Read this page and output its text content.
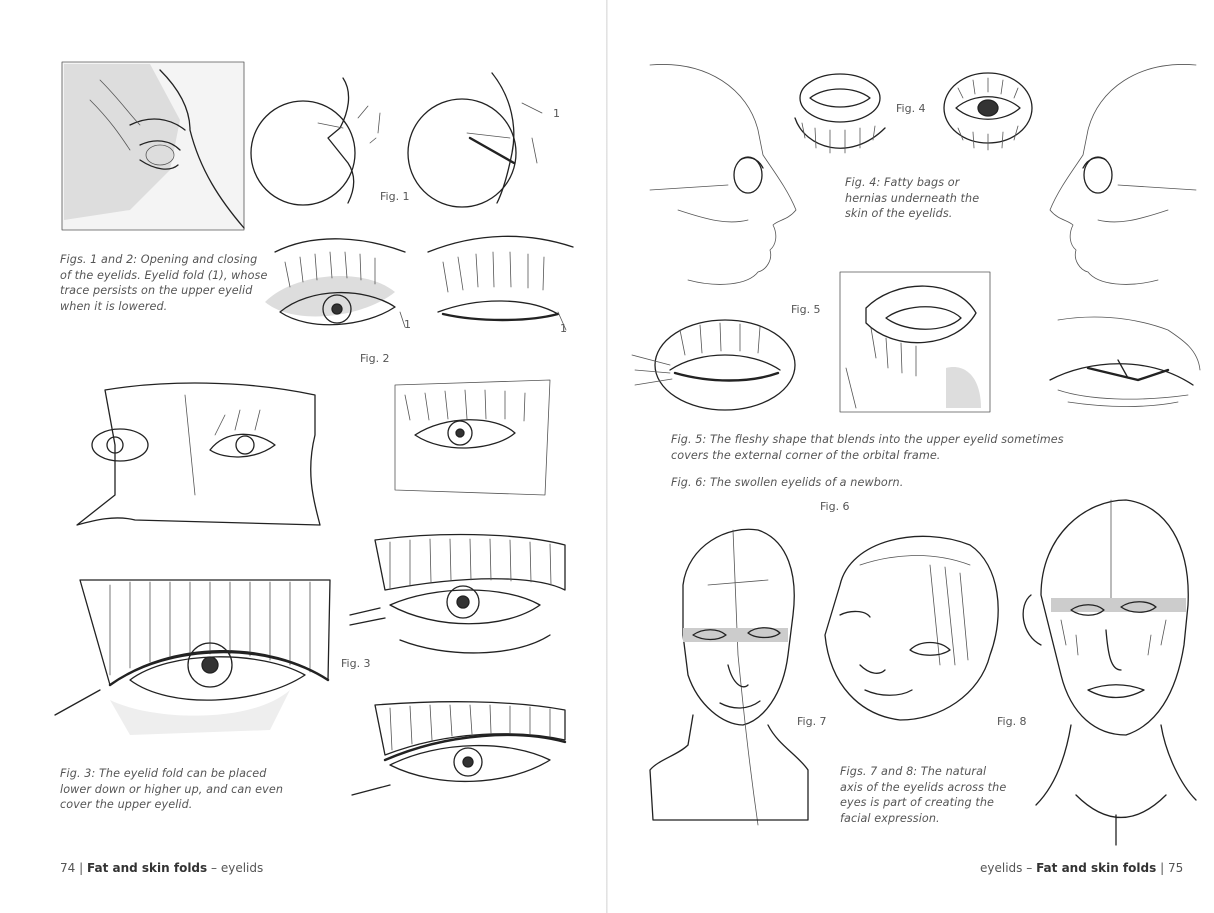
Fig. 1
1
Figs. 1 and 2: Opening and closing of the eyelids. Eyelid fold (1), whose trace persists on the upper eyelid when it is lowered.
1	1
Fig. 2
Fig. 3
Fig. 3: The eyelid fold can be placed lower down or higher up, and can even cover the upper eyelid.
74 | Fat and skin folds – eyelids
Fig. 4
Fig. 4: Fatty bags or hernias underneath the skin of the eyelids.
Fig. 5
Fig. 5: The fleshy shape that blends into the upper eyelid sometimes covers the external corner of the orbital frame.
Fig. 6: The swollen eyelids of a newborn.
Fig. 6
Fig. 7	Fig. 8
Figs. 7 and 8: The natural axis of the eyelids across the eyes is part of creating the facial expression.
eyelids – Fat and skin folds | 75
